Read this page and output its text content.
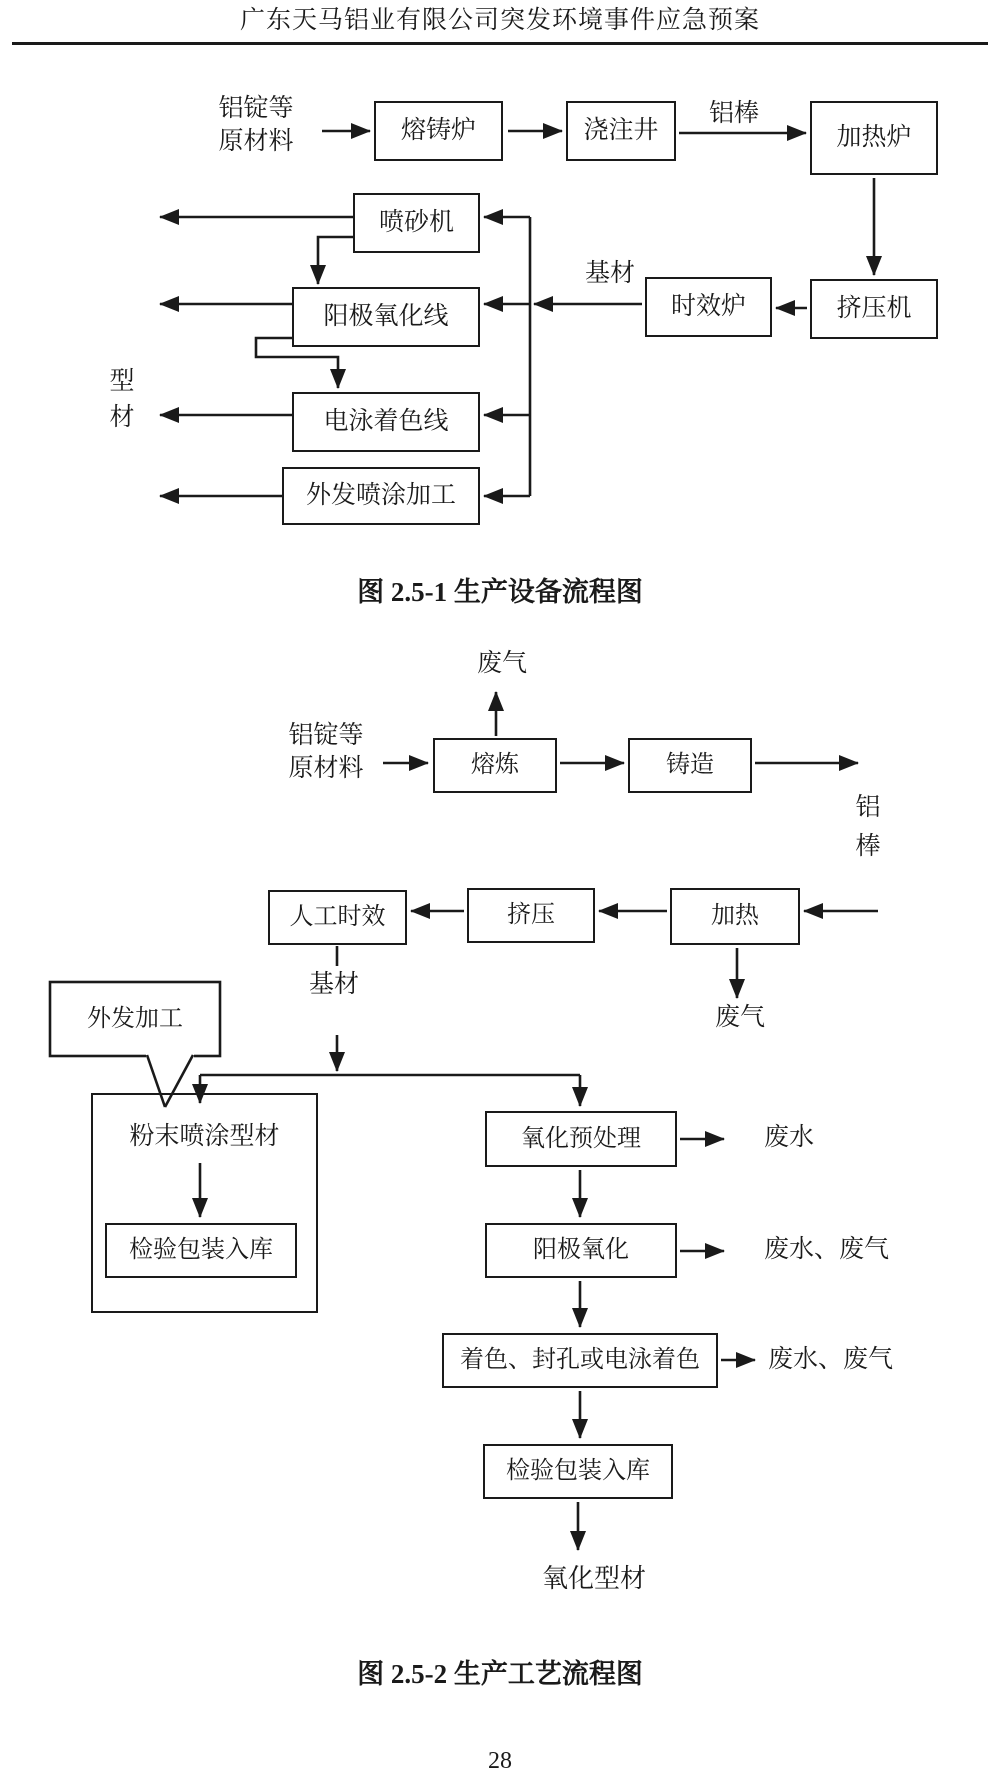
广东天马铝业有限公司突发环境事件应急预案
铝锭等
原材料	熔铸炉	浇注井
铝棒
加热炉
挤压机
时效炉
基材
喷砂机
阳极氧化线
电泳着色线
外发喷涂加工
型
材
图 2.5-1 生产设备流程图
废气
铝锭等
原材料	熔炼	铸造
铝
棒
加热
挤压
人工时效
废气
基材
外发加工
粉末喷涂型材
检验包装入库
氧化预处理	废水
阳极氧化	废水、废气
着色、封孔或电泳着色	废水、废气
检验包装入库
氧化型材
图 2.5-2 生产工艺流程图
28
